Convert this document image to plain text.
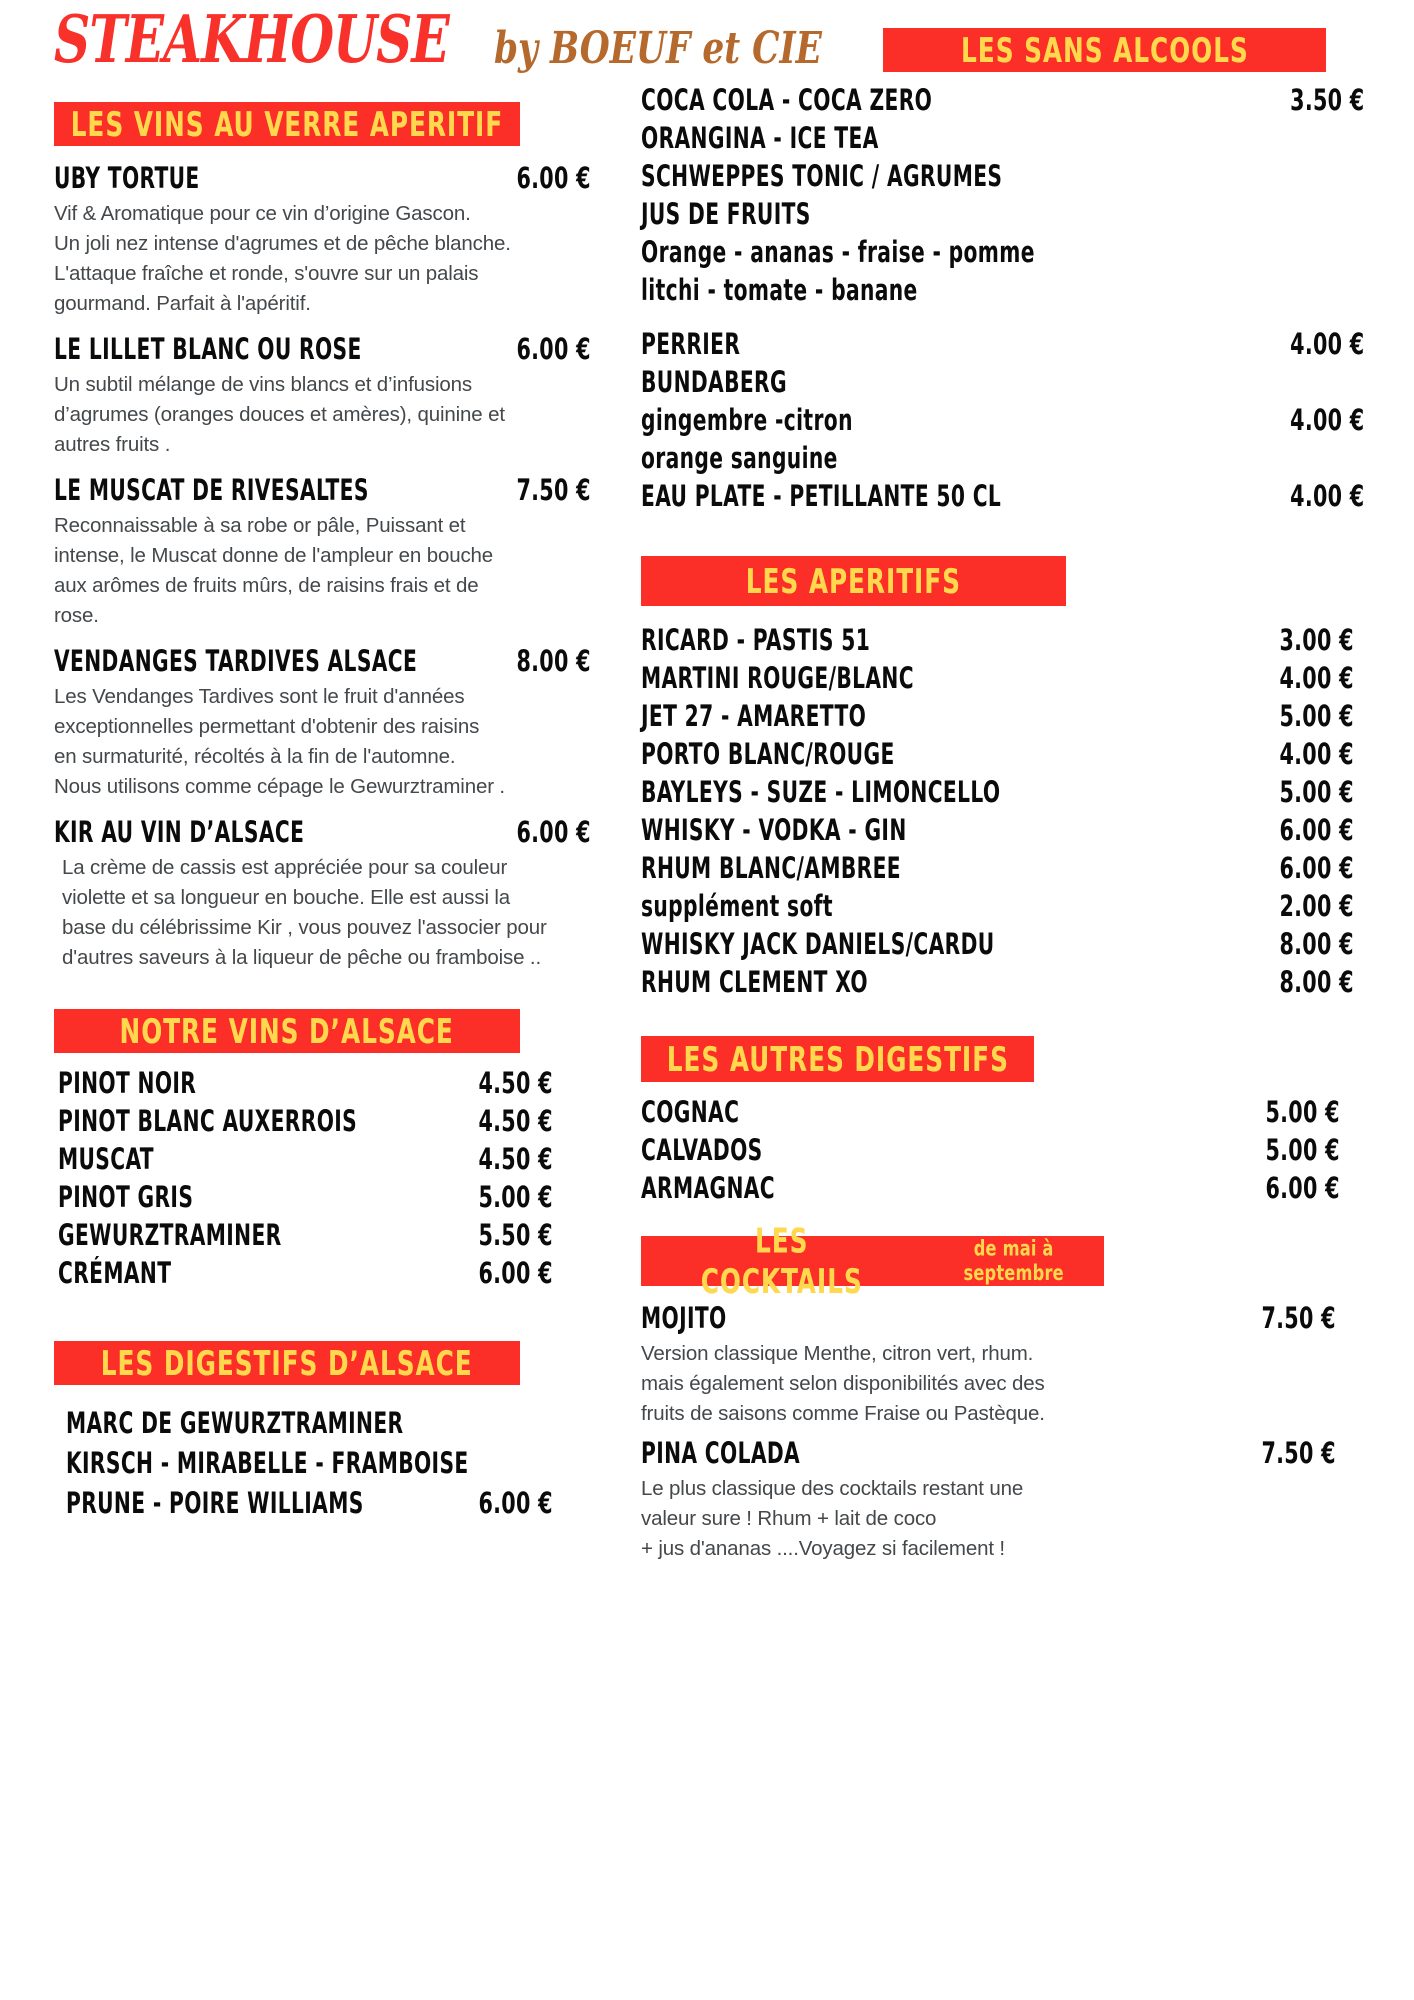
STEAKHOUSE by BOEUF et CIE
LES VINS AU VERRE APERITIF
UBY TORTUE	6.00 €
Vif & Aromatique pour ce vin d’origine Gascon.
Un joli nez intense d'agrumes et de pêche blanche.
L'attaque fraîche et ronde, s'ouvre sur un palais
gourmand. Parfait à l'apéritif.
LE LILLET BLANC OU ROSE	6.00 €
Un subtil mélange de vins blancs et d’infusions
d’agrumes (oranges douces et amères), quinine et
autres fruits .
LE MUSCAT DE RIVESALTES	7.50 €
Reconnaissable à sa robe or pâle, Puissant et
intense, le Muscat donne de l'ampleur en bouche
aux arômes de fruits mûrs, de raisins frais et de
rose.
VENDANGES TARDIVES ALSACE	8.00 €
Les Vendanges Tardives sont le fruit d'années
exceptionnelles permettant d'obtenir des raisins
en surmaturité, récoltés à la fin de l'automne.
Nous utilisons comme cépage le Gewurztraminer .
KIR AU VIN D’ALSACE	6.00 €
La crème de cassis est appréciée pour sa couleur
violette et sa longueur en bouche. Elle est aussi la
base du célébrissime Kir , vous pouvez l'associer pour
d'autres saveurs à la liqueur de pêche ou framboise ..
NOTRE VINS D’ALSACE
PINOT NOIR	4.50 €
PINOT BLANC AUXERROIS	4.50 €
MUSCAT	4.50 €
PINOT GRIS	5.00 €
GEWURZTRAMINER	5.50 €
CRÉMANT	6.00 €
LES DIGESTIFS D’ALSACE
MARC DE GEWURZTRAMINER
KIRSCH - MIRABELLE - FRAMBOISE
PRUNE - POIRE WILLIAMS	6.00 €
LES SANS ALCOOLS
COCA COLA - COCA ZERO	3.50 €
ORANGINA - ICE TEA
SCHWEPPES TONIC / AGRUMES
JUS DE FRUITS
Orange - ananas - fraise - pomme
litchi - tomate - banane
PERRIER	4.00 €
BUNDABERG
gingembre -citron	4.00 €
orange sanguine
EAU PLATE - PETILLANTE 50 CL	4.00 €
LES APERITIFS
RICARD - PASTIS 51	3.00 €
MARTINI ROUGE/BLANC	4.00 €
JET 27 - AMARETTO	5.00 €
PORTO BLANC/ROUGE	4.00 €
BAYLEYS - SUZE - LIMONCELLO	5.00 €
WHISKY - VODKA - GIN	6.00 €
RHUM BLANC/AMBREE	6.00 €
supplément soft	2.00 €
WHISKY JACK DANIELS/CARDU	8.00 €
RHUM CLEMENT XO	8.00 €
LES AUTRES DIGESTIFS
COGNAC	5.00 €
CALVADOS	5.00 €
ARMAGNAC	6.00 €
LES COCKTAILS
de mai à septembre
MOJITO	7.50 €
Version classique Menthe, citron vert, rhum.
mais également selon disponibilités avec des
fruits de saisons comme Fraise ou Pastèque.
PINA COLADA	7.50 €
Le plus classique des cocktails restant une
valeur sure ! Rhum + lait de coco
+ jus d'ananas ....Voyagez si facilement !
